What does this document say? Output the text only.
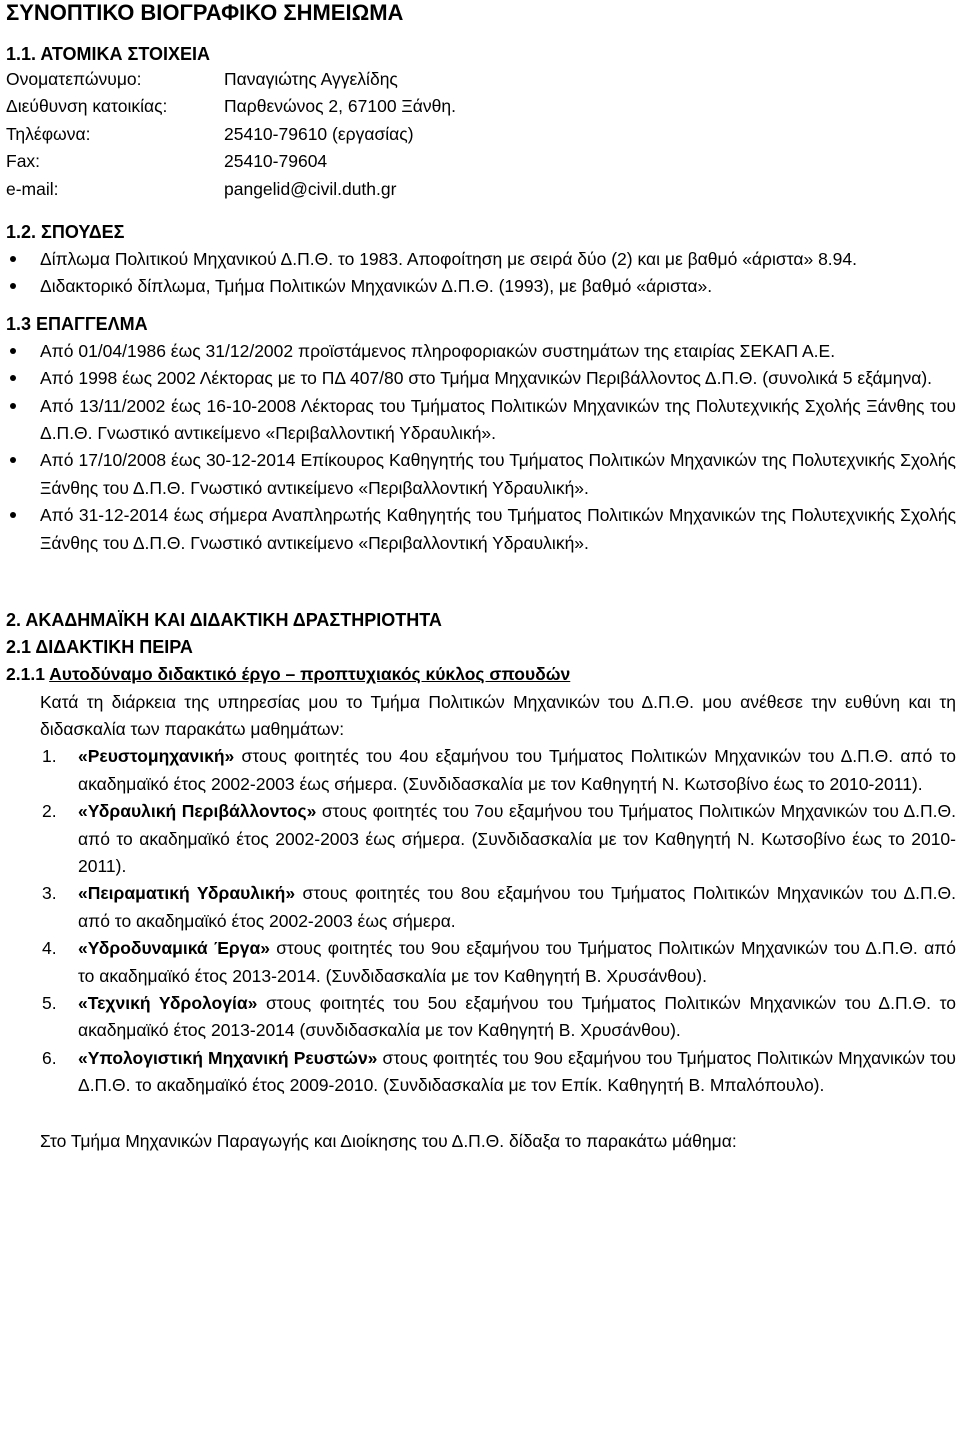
ΣΥΝΟΠΤΙΚΟ ΒΙΟΓΡΑΦΙΚΟ ΣΗΜΕΙΩΜΑ
1.1. ΑΤΟΜΙΚΑ ΣΤΟΙΧΕΙΑ
Ονοματεπώνυμο:	Παναγιώτης Αγγελίδης
Διεύθυνση κατοικίας:	Παρθενώνος 2, 67100 Ξάνθη.
Τηλέφωνα:	25410-79610 (εργασίας)
Fax:	25410-79604
e-mail:	pangelid@civil.duth.gr
1.2. ΣΠΟΥΔΕΣ
Δίπλωμα Πολιτικού Μηχανικού Δ.Π.Θ. το 1983. Αποφοίτηση με σειρά δύο (2) και με βαθμό «άριστα» 8.94.
Διδακτορικό δίπλωμα, Τμήμα Πολιτικών Μηχανικών Δ.Π.Θ. (1993), με βαθμό «άριστα».
1.3 ΕΠΑΓΓΕΛΜΑ
Από 01/04/1986 έως 31/12/2002 προϊστάμενος πληροφοριακών συστημάτων της εταιρίας ΣΕΚΑΠ Α.Ε.
Από 1998 έως 2002 Λέκτορας με το ΠΔ 407/80 στο Τμήμα Μηχανικών Περιβάλλοντος Δ.Π.Θ. (συνολικά 5 εξάμηνα).
Από 13/11/2002 έως 16-10-2008 Λέκτορας του Τμήματος Πολιτικών Μηχανικών της Πολυτεχνικής Σχολής Ξάνθης του Δ.Π.Θ. Γνωστικό αντικείμενο «Περιβαλλοντική Υδραυλική».
Από 17/10/2008 έως 30-12-2014 Επίκουρος Καθηγητής του Τμήματος Πολιτικών Μηχανικών της Πολυτεχνικής Σχολής Ξάνθης του Δ.Π.Θ. Γνωστικό αντικείμενο «Περιβαλλοντική Υδραυλική».
Από 31-12-2014 έως σήμερα Αναπληρωτής Καθηγητής του Τμήματος Πολιτικών Μηχανικών της Πολυτεχνικής Σχολής Ξάνθης του Δ.Π.Θ. Γνωστικό αντικείμενο «Περιβαλλοντική Υδραυλική».
2. ΑΚΑΔΗΜΑΪΚΗ ΚΑΙ ΔΙΔΑΚΤΙΚΗ ΔΡΑΣΤΗΡΙΟΤΗΤΑ
2.1 ΔΙΔΑΚΤΙΚΗ ΠΕΙΡΑ
2.1.1 Αυτοδύναμο διδακτικό έργο – προπτυχιακός κύκλος σπουδών
Κατά τη διάρκεια της υπηρεσίας μου το Τμήμα Πολιτικών Μηχανικών του Δ.Π.Θ. μου ανέθεσε την ευθύνη και τη διδασκαλία των παρακάτω μαθημάτων:
1. «Ρευστομηχανική» στους φοιτητές του 4ου εξαμήνου του Τμήματος Πολιτικών Μηχανικών του Δ.Π.Θ. από το ακαδημαϊκό έτος 2002-2003 έως σήμερα. (Συνδιδασκαλία με τον Καθηγητή Ν. Κωτσοβίνο έως το 2010-2011).
2. «Υδραυλική Περιβάλλοντος» στους φοιτητές του 7ου εξαμήνου του Τμήματος Πολιτικών Μηχανικών του Δ.Π.Θ. από το ακαδημαϊκό έτος 2002-2003 έως σήμερα. (Συνδιδασκαλία με τον Καθηγητή Ν. Κωτσοβίνο έως το 2010-2011).
3. «Πειραματική Υδραυλική» στους φοιτητές του 8ου εξαμήνου του Τμήματος Πολιτικών Μηχανικών του Δ.Π.Θ. από το ακαδημαϊκό έτος 2002-2003 έως σήμερα.
4. «Υδροδυναμικά Έργα» στους φοιτητές του 9ου εξαμήνου του Τμήματος Πολιτικών Μηχανικών του Δ.Π.Θ. από το ακαδημαϊκό έτος 2013-2014. (Συνδιδασκαλία με τον Καθηγητή Β. Χρυσάνθου).
5. «Τεχνική Υδρολογία» στους φοιτητές του 5ου εξαμήνου του Τμήματος Πολιτικών Μηχανικών του Δ.Π.Θ. το ακαδημαϊκό έτος 2013-2014 (συνδιδασκαλία με τον Καθηγητή Β. Χρυσάνθου).
6. «Υπολογιστική Μηχανική Ρευστών» στους φοιτητές του 9ου εξαμήνου του Τμήματος Πολιτικών Μηχανικών του Δ.Π.Θ. το ακαδημαϊκό έτος 2009-2010. (Συνδιδασκαλία με τον Επίκ. Καθηγητή Β. Μπαλόπουλο).
Στο Τμήμα Μηχανικών Παραγωγής και Διοίκησης του Δ.Π.Θ. δίδαξα το παρακάτω μάθημα:
